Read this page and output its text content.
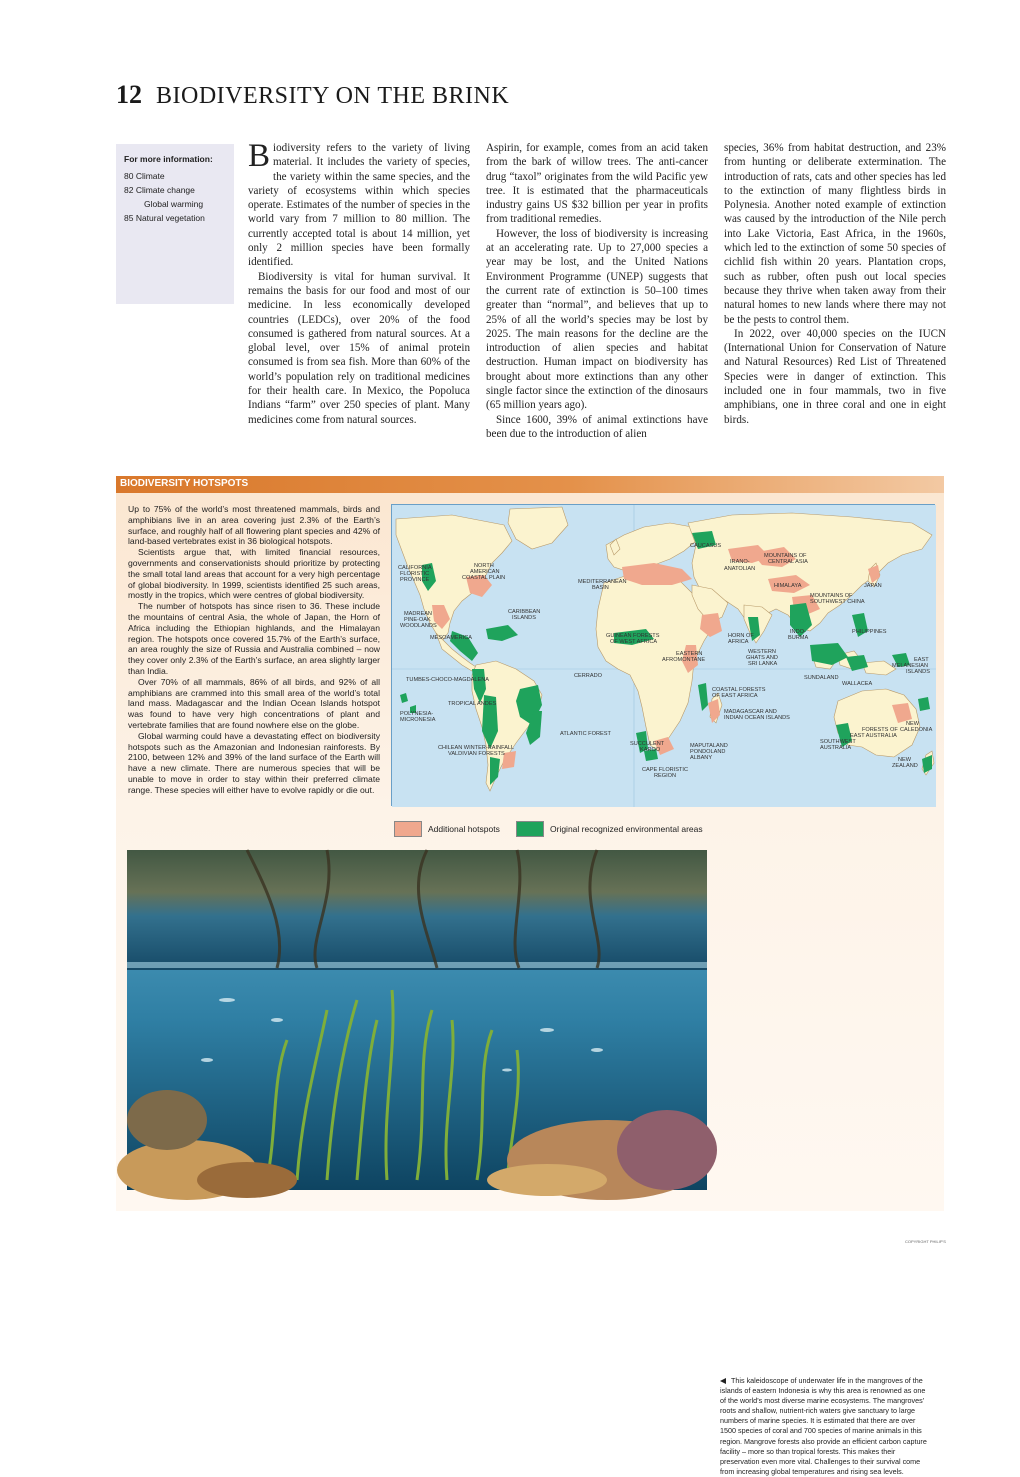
12 BIODIVERSITY ON THE BRINK
For more information:
80 Climate
82 Climate change
Global warming
85 Natural vegetation

Biodiversity refers to the variety of living material. It includes the variety of species, the variety within the same species, and the variety of ecosystems within which species operate. Estimates of the number of species in the world vary from 7 million to 80 million. The currently accepted total is about 14 million, yet only 2 million species have been formally identified.

Biodiversity is vital for human survival. It remains the basis for our food and most of our medicine. In less economically developed countries (LEDCs), over 20% of the food consumed is gathered from natural sources. At a global level, over 15% of animal protein consumed is from sea fish. More than 60% of the world’s population rely on traditional medicines for their health care. In Mexico, the Popoluca Indians “farm” over 250 species of plant. Many medicines come from natural sources.

Aspirin, for example, comes from an acid taken from the bark of willow trees. The anti-cancer drug “taxol” originates from the wild Pacific yew tree. It is estimated that the pharmaceuticals industry gains US $32 billion per year in profits from traditional remedies.

However, the loss of biodiversity is increasing at an accelerating rate. Up to 27,000 species a year may be lost, and the United Nations Environment Programme (UNEP) suggests that the current rate of extinction is 50–100 times greater than “normal”, and believes that up to 25% of all the world’s species may be lost by 2025. The main reasons for the decline are the introduction of alien species and habitat destruction. Human impact on biodiversity has brought about more extinctions than any other single factor since the extinction of the dinosaurs (65 million years ago).

Since 1600, 39% of animal extinctions have been due to the introduction of alien

species, 36% from habitat destruction, and 23% from hunting or deliberate extermination. The introduction of rats, cats and other species has led to the extinction of many flightless birds in Polynesia. Another noted example of extinction was caused by the introduction of the Nile perch into Lake Victoria, East Africa, in the 1960s, which led to the extinction of some 50 species of cichlid fish within 20 years. Plantation crops, such as rubber, often push out local species because they thrive when taken away from their natural homes to new lands where there may not be the pests to control them.

In 2022, over 40,000 species on the IUCN (International Union for Conservation of Nature and Natural Resources) Red List of Threatened Species were in danger of extinction. This included one in four mammals, two in five amphibians, one in three coral and one in eight birds.

BIODIVERSITY HOTSPOTS

Up to 75% of the world’s most threatened mammals, birds and amphibians live in an area covering just 2.3% of the Earth’s surface, and roughly half of all flowering plant species and 42% of land-based vertebrates exist in 36 biological hotspots.

Scientists argue that, with limited financial resources, governments and conservationists should prioritize by protecting the small total land areas that account for a very high percentage of global biodiversity. In 1999, scientists identified 25 such areas, mostly in the tropics, which were centres of global biodiversity.

The number of hotspots has since risen to 36. These include the mountains of central Asia, the whole of Japan, the Horn of Africa including the Ethiopian highlands, and the Himalayan region. The hotspots once covered 15.7% of the Earth’s surface, an area roughly the size of Russia and Australia combined – now they cover only 2.3% of the Earth’s surface, an area slightly larger than India.

Over 70% of all mammals, 86% of all birds, and 92% of all amphibians are crammed into this small area of the world’s total land mass. Madagascar and the Indian Ocean Islands hotspot was found to have very high concentrations of plant and vertebrate families that are found nowhere else on the globe.

Global warming could have a devastating effect on biodiversity hotspots such as the Amazonian and Indonesian rainforests. By 2100, between 12% and 39% of the land surface of the Earth will have a new climate. There are numerous species that will be unable to move in order to stay within their preferred climate range. These species will either have to evolve rapidly or die out.

CAUCASUS
IRANO-
ANATOLIAN
MOUNTAINS OF
CENTRAL ASIA
CALIFORNIA
FLORISTIC
PROVINCE
NORTH
AMERICAN
COASTAL PLAIN
MEDITERRANEAN
BASIN	HIMALAYA	JAPAN
MOUNTAINS OF
SOUTHWEST CHINA
MADREAN
PINE-OAK
WOODLANDS
CARIBBEAN
ISLANDS
MESOAMERICA	GUINEAN FORESTS
OF WEST AFRICA
HORN OF
AFRICA
INDO-
BURMA
PHILIPPINES
EASTERN
AFROMONTANE
WESTERN
GHATS AND
SRI LANKA
EAST
MELANESIAN
ISLANDS
TUMBES-CHOCO-MAGDALENA
CERRADO	SUNDALAND
WALLACEA
COASTAL FORESTS
OF EAST AFRICA
TROPICAL ANDES
MADAGASCAR AND
INDIAN OCEAN ISLANDS
POLYNESIA-
MICRONESIA
NEW
CALEDONIA
FORESTS OF
EAST AUSTRALIA
ATLANTIC FOREST
CHILEAN WINTER-RAINFALL
VALDIVIAN FORESTS
SUCCULENT
KAROO
MAPUTALAND
PONDOLAND
ALBANY
SOUTHWEST
AUSTRALIA
NEW
ZEALAND
CAPE FLORISTIC
REGION
Additional hotspots	Original recognized environmental areas
This kaleidoscope of underwater life in the mangroves of the islands of eastern Indonesia is why this area is renowned as one of the world’s most diverse marine ecosystems. The mangroves’ roots and shallow, nutrient-rich waters give sanctuary to large numbers of marine species. It is estimated that there are over 1500 species of coral and 700 species of marine animals in this region. Mangrove forests also provide an efficient carbon capture facility – more so than tropical forests. This makes their preservation even more vital. Challenges to their survival come from increasing global temperatures and rising sea levels.
COPYRIGHT PHILIP'S
